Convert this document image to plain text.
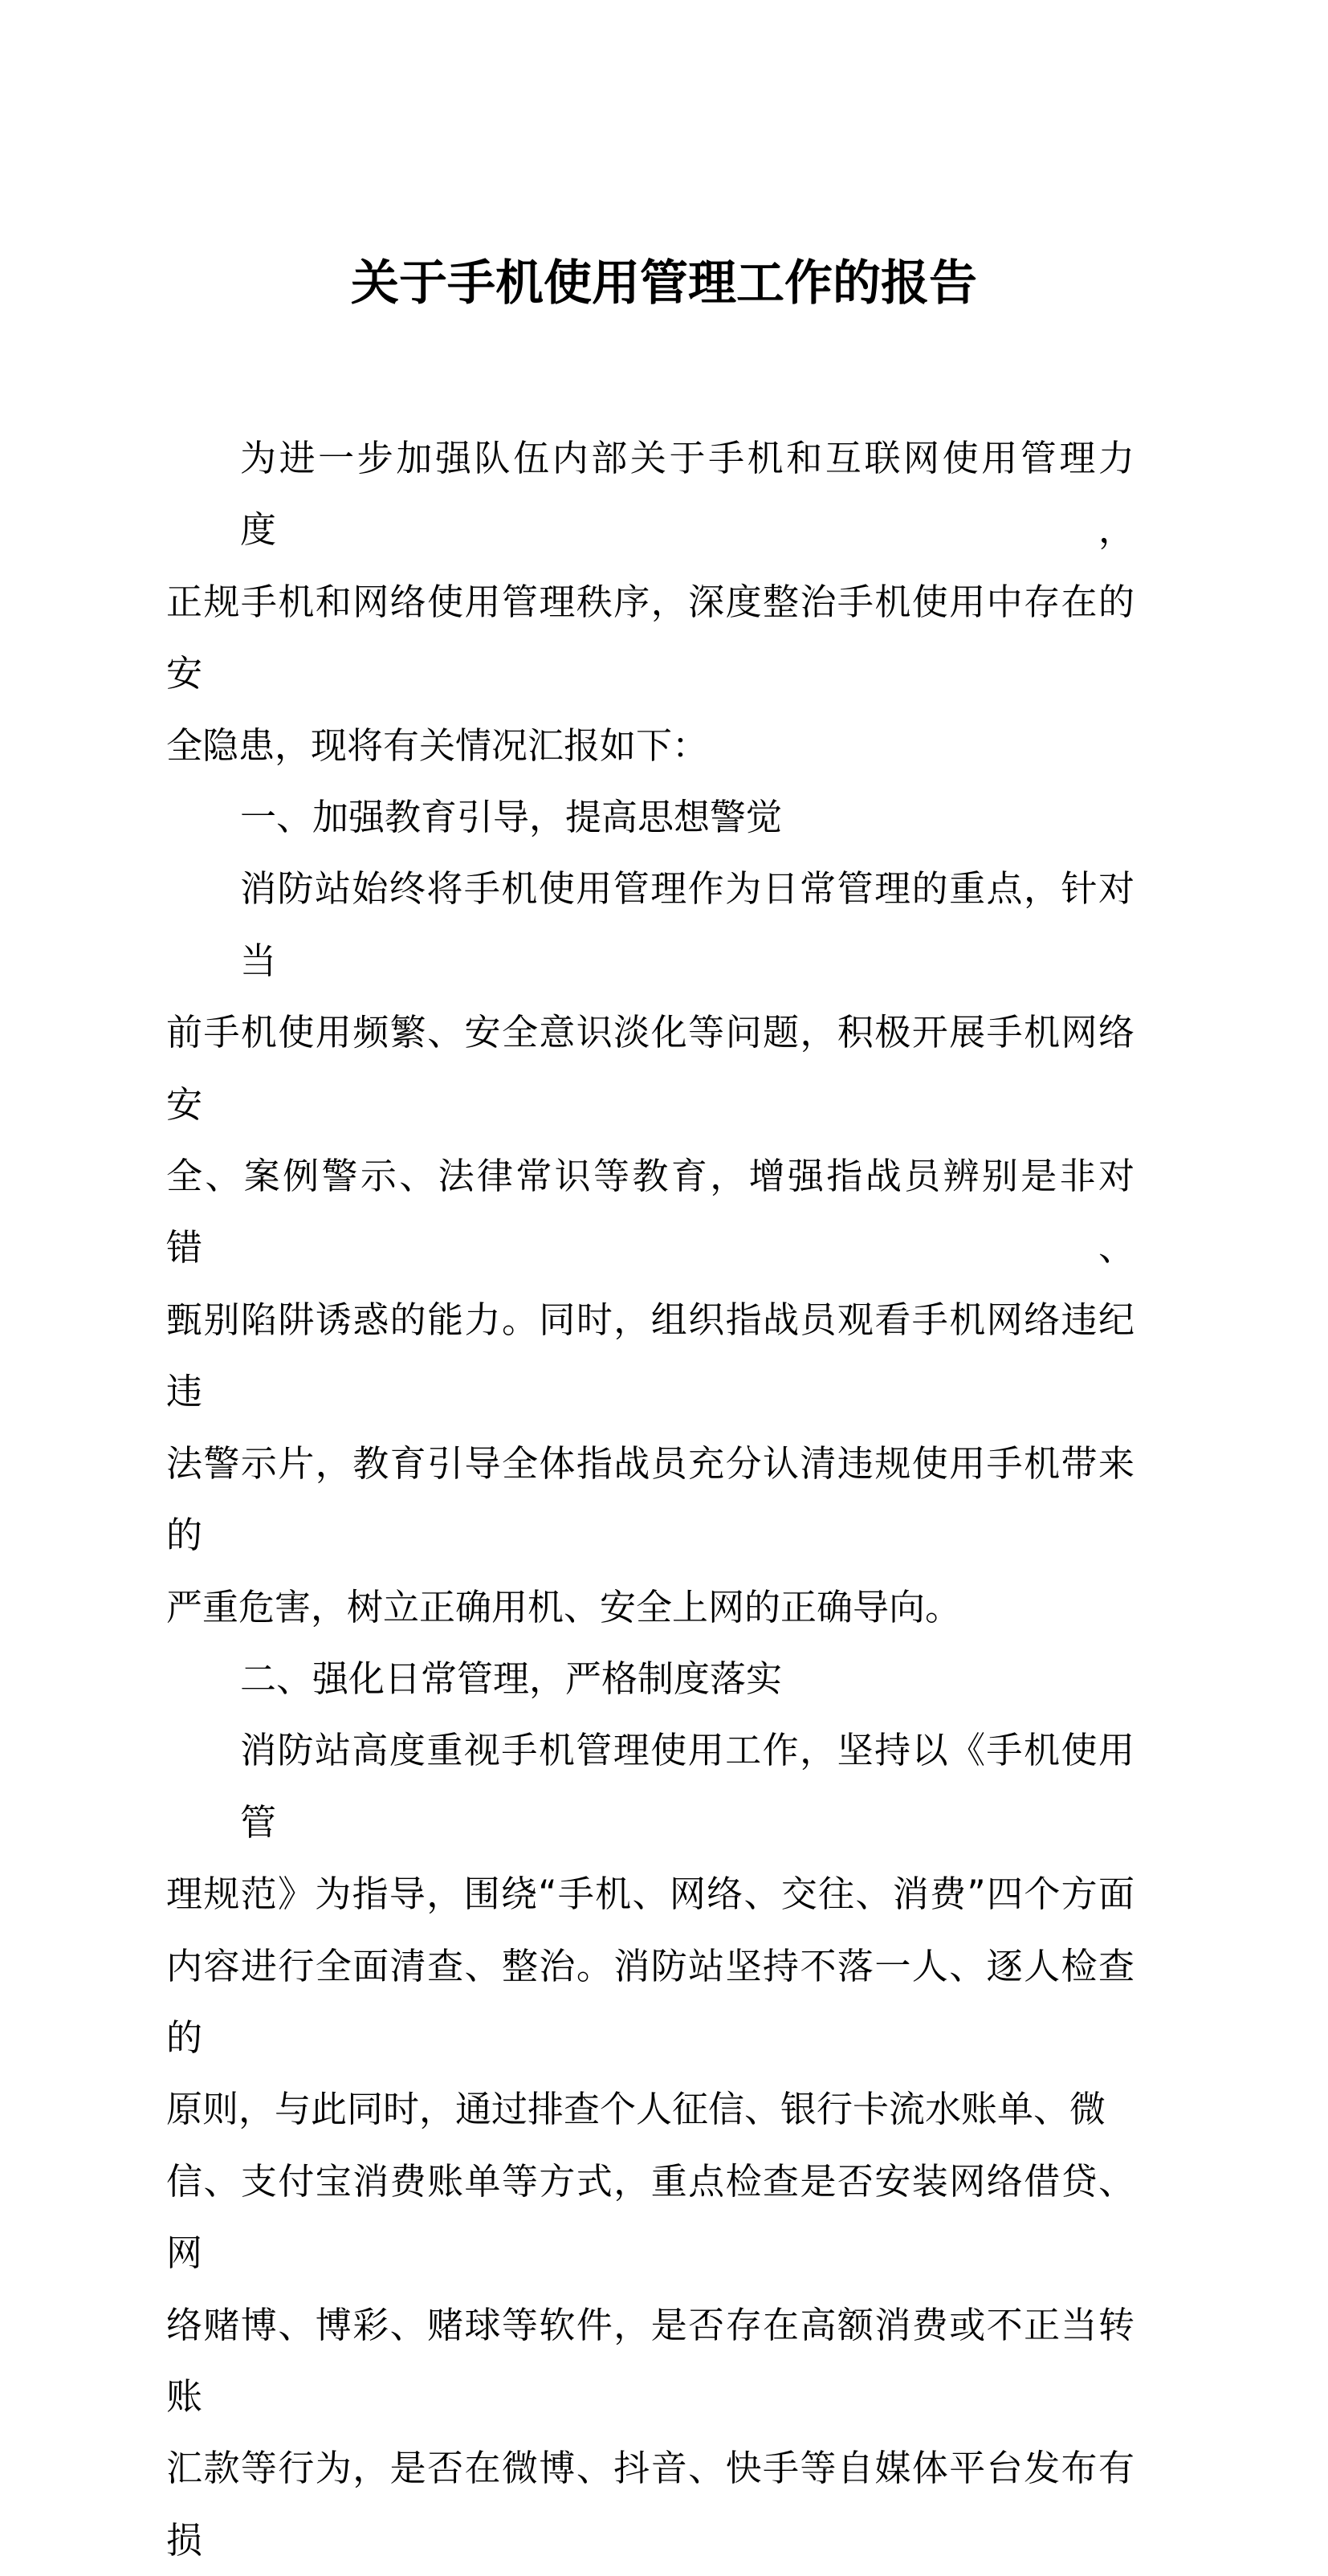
关于手机使用管理工作的报告
为进一步加强队伍内部关于手机和互联网使用管理力度，
正规手机和网络使用管理秩序，深度整治手机使用中存在的安
全隐患，现将有关情况汇报如下：
一、加强教育引导，提高思想警觉
消防站始终将手机使用管理作为日常管理的重点，针对当
前手机使用频繁、安全意识淡化等问题，积极开展手机网络安
全、案例警示、法律常识等教育，增强指战员辨别是非对错、
甄别陷阱诱惑的能力。同时，组织指战员观看手机网络违纪违
法警示片，教育引导全体指战员充分认清违规使用手机带来的
严重危害，树立正确用机、安全上网的正确导向。
二、强化日常管理，严格制度落实
消防站高度重视手机管理使用工作，坚持以《手机使用管
理规范》为指导，围绕“手机、网络、交往、消费”四个方面
内容进行全面清查、整治。消防站坚持不落一人、逐人检查的
原则，与此同时，通过排查个人征信、银行卡流水账单、微
信、支付宝消费账单等方式，重点检查是否安装网络借贷、网
络赌博、博彩、赌球等软件，是否存在高额消费或不正当转账
汇款等行为，是否在微博、抖音、快手等自媒体平台发布有损
